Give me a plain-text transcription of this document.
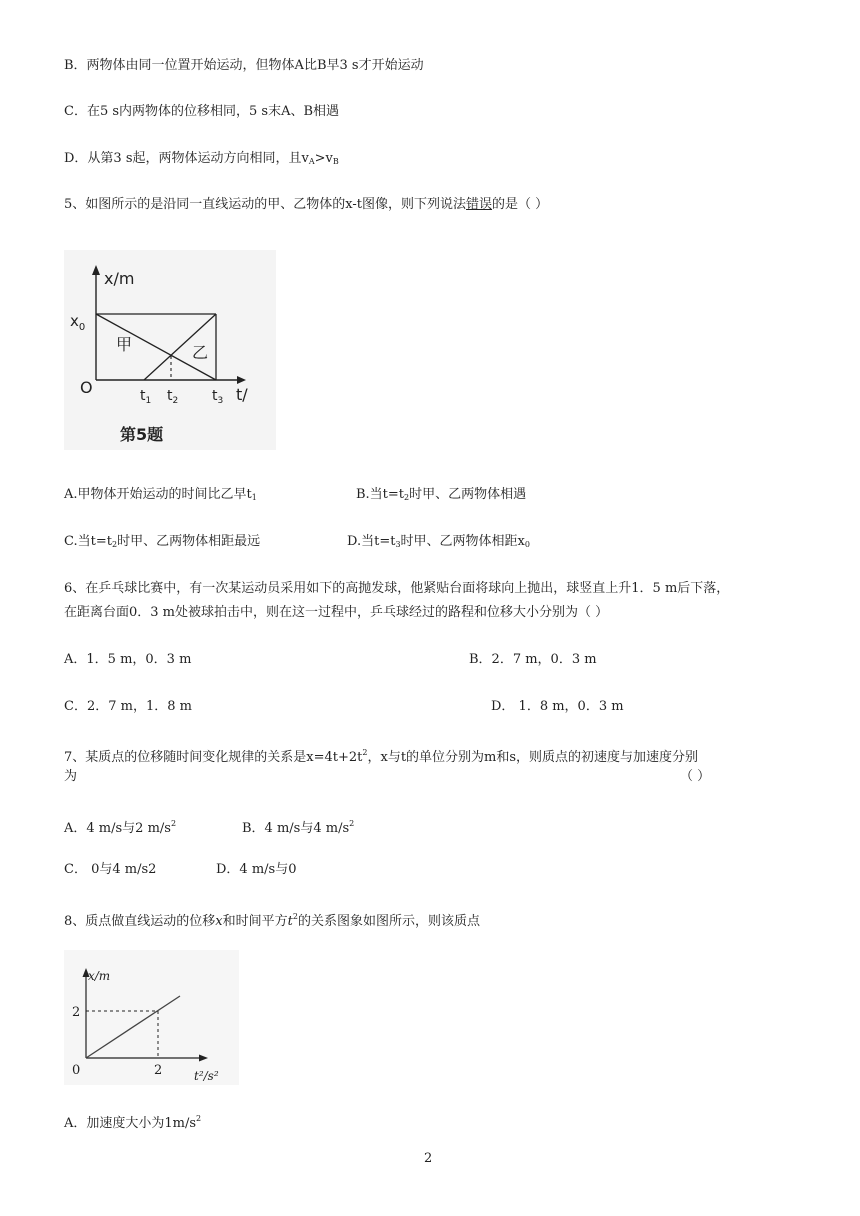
B．两物体由同一位置开始运动，但物体A比B早3 s才开始运动
C．在5 s内两物体的位移相同，5 s末A、B相遇
D．从第3 s起，两物体运动方向相同，且$v_A>v_B$
5、如图所示的是沿同一直线运动的甲、乙物体的x-t图像，则下列说法错误的是（ ）
x/m
$x_0$
甲	乙
O	$t_1$ $t_2$ $t_3$ t/
第5题
A.甲物体开始运动的时间比乙早$t_1$	B.当$t=t_2$时甲、乙两物体相遇
C.当$t=t_2$时甲、乙两物体相距最远	D.当$t=t_3$时甲、乙两物体相距$x_0$
6、在乒乓球比赛中，有一次某运动员采用如下的高抛发球，他紧贴台面将球向上抛出，球竖直上升1．5 m后下落，
在距离台面0．3 m处被球拍击中，则在这一过程中，乒乓球经过的路程和位移大小分别为（ ）
A．1．5 m，0．3 m	B．2．7 m，0．3 m
C．2．7 m，1．8 m	D． 1．8 m，0．3 m
7、某质点的位移随时间变化规律的关系是$x=4t+2t^2$，x与t的单位分别为m和s，则质点的初速度与加速度分别
为	（ ）
A．4 m/s与2 $m/s^2$	B．4 m/s与4 $m/s^2$
C． 0与4 m/s2	D．4 m/s与0
8、质点做直线运动的位移x和时间平方$t^2$的关系图象如图所示，则该质点
x/m
2
0	2	t²/s²
A．加速度大小为$1m/s^2$
2
